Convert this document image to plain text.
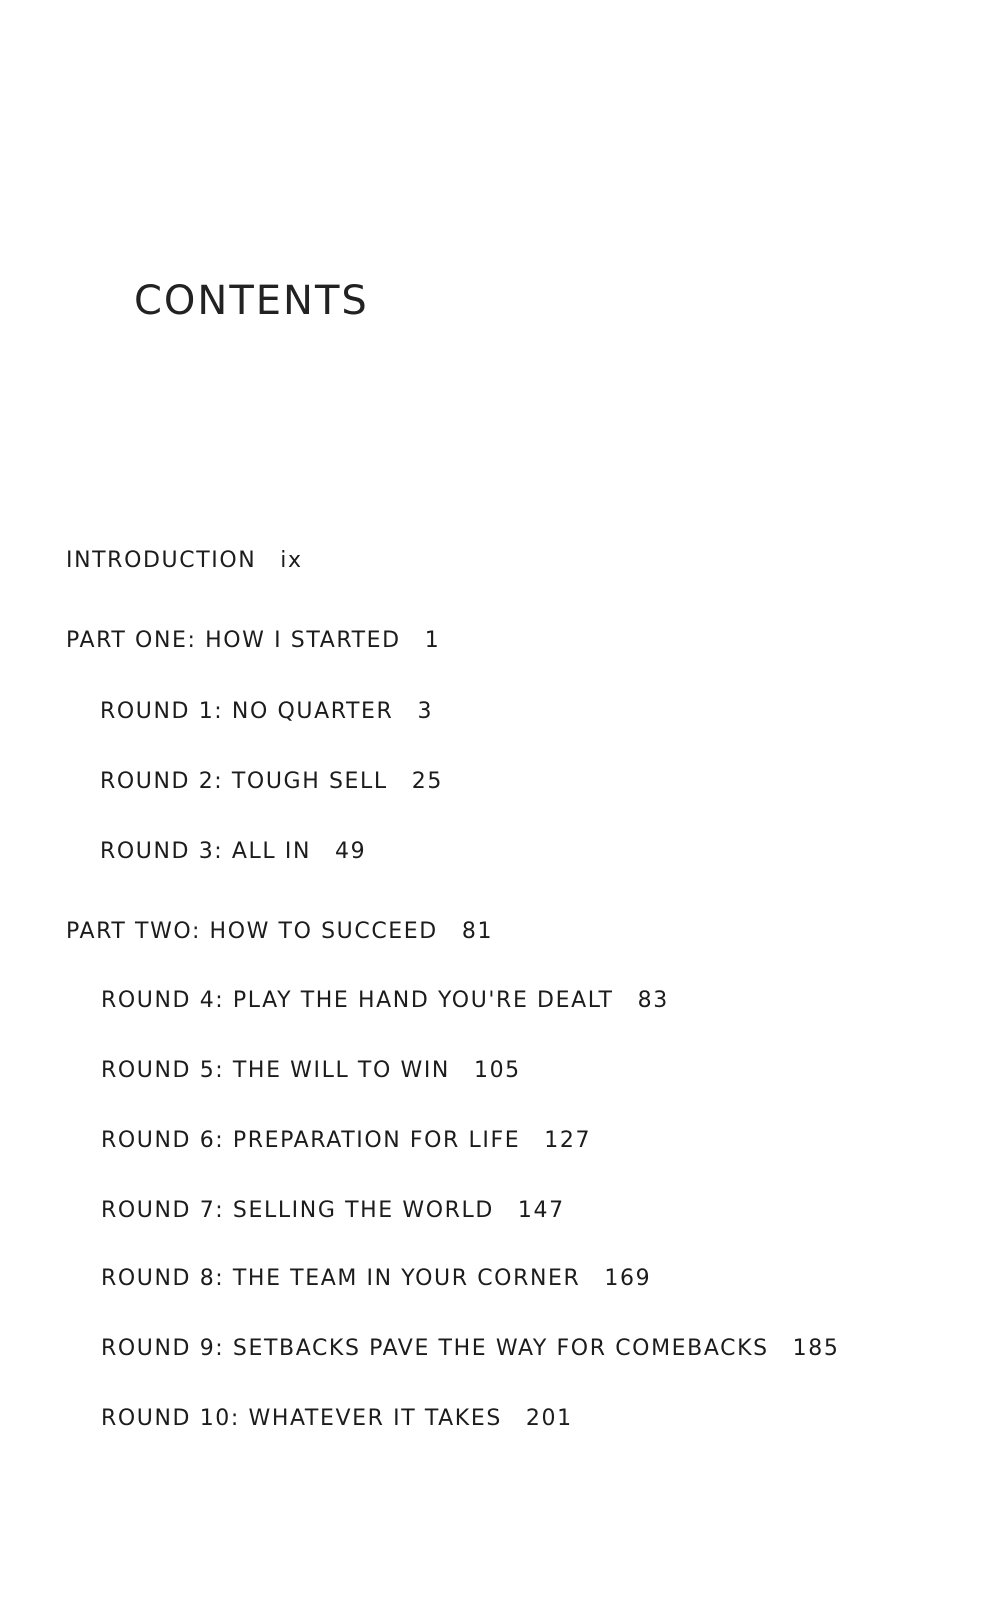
CONTENTS
INTRODUCTION ix
PART ONE: HOW I STARTED 1
ROUND 1: NO QUARTER 3
ROUND 2: TOUGH SELL 25
ROUND 3: ALL IN 49
PART TWO: HOW TO SUCCEED 81
ROUND 4: PLAY THE HAND YOU'RE DEALT 83
ROUND 5: THE WILL TO WIN 105
ROUND 6: PREPARATION FOR LIFE 127
ROUND 7: SELLING THE WORLD 147
ROUND 8: THE TEAM IN YOUR CORNER 169
ROUND 9: SETBACKS PAVE THE WAY FOR COMEBACKS 185
ROUND 10: WHATEVER IT TAKES 201
